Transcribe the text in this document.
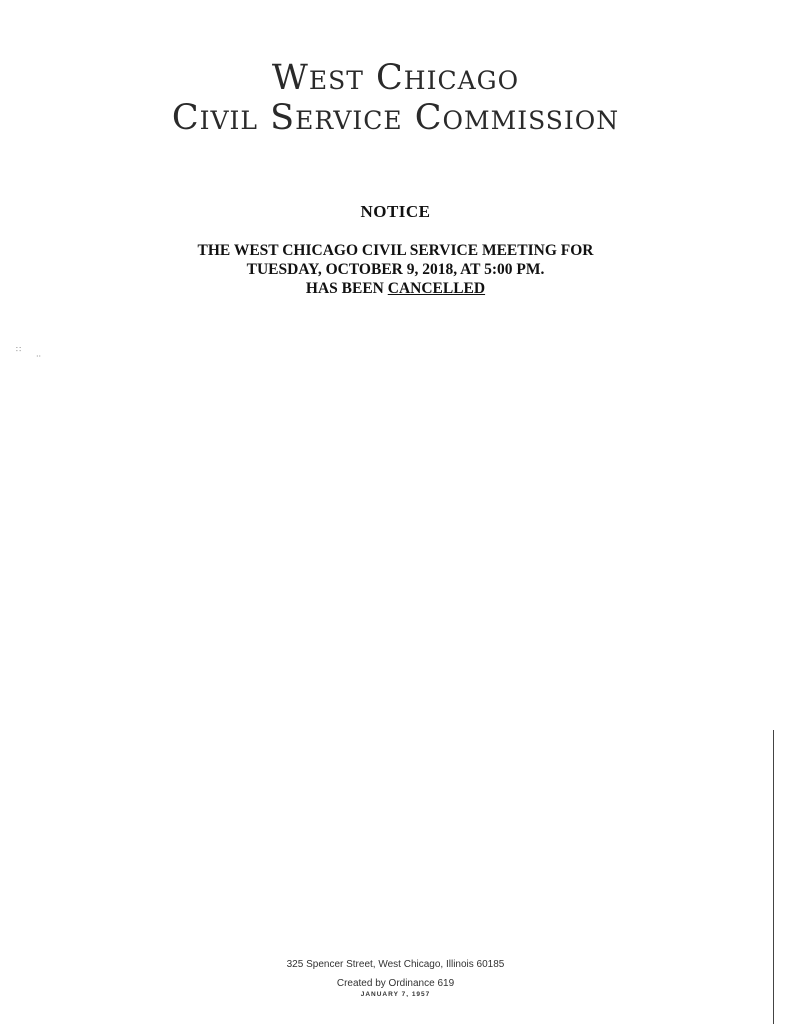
West Chicago
Civil Service Commission
NOTICE
THE WEST CHICAGO CIVIL SERVICE MEETING FOR
TUESDAY, OCTOBER 9, 2018, AT 5:00 PM.
HAS BEEN CANCELLED
∷
··
325 Spencer Street, West Chicago, Illinois 60185
Created by Ordinance 619
JANUARY 7, 1957
